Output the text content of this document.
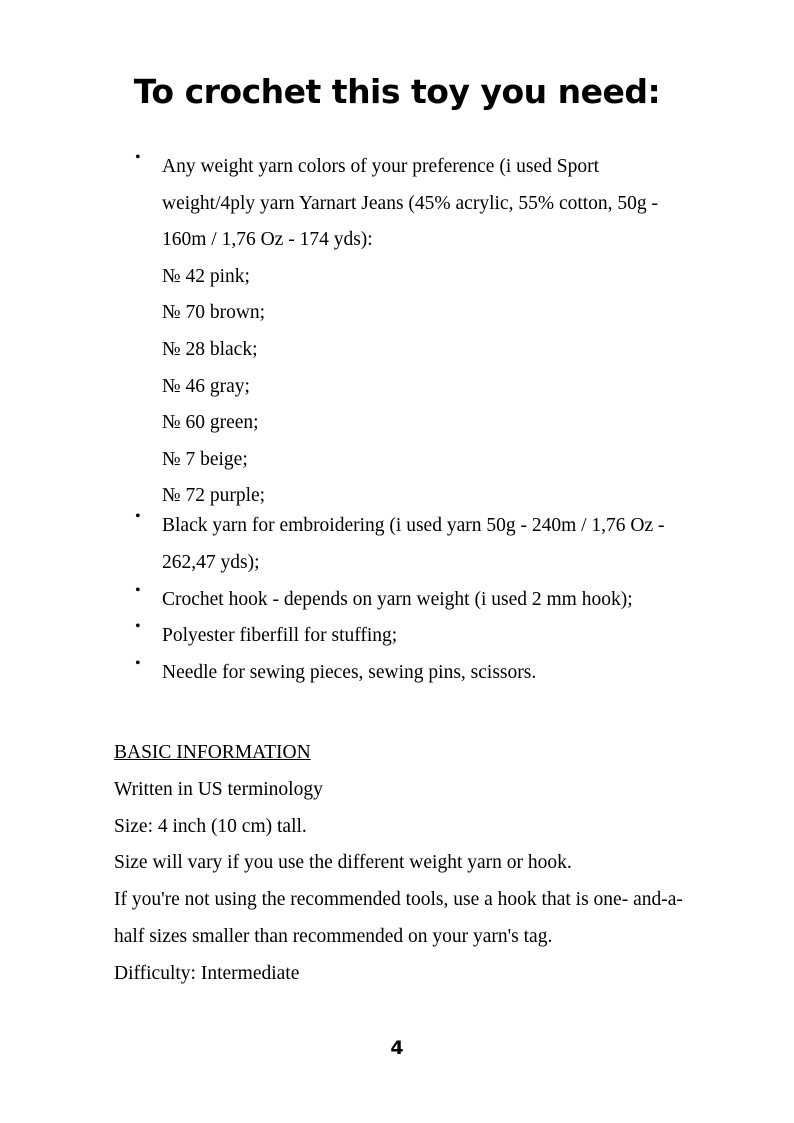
To crochet this toy you need:
• Any weight yarn colors of your preference (i used Sport
weight/4ply yarn Yarnart Jeans (45% acrylic, 55% cotton, 50g -
160m / 1,76 Oz - 174 yds):
№ 42 pink;
№ 70 brown;
№ 28 black;
№ 46 gray;
№ 60 green;
№ 7 beige;
№ 72 purple;
• Black yarn for embroidering (i used yarn 50g - 240m / 1,76 Oz -
262,47 yds);
• Crochet hook - depends on yarn weight (i used 2 mm hook);
• Polyester fiberfill for stuffing;
• Needle for sewing pieces, sewing pins, scissors.
BASIC INFORMATION
Written in US terminology
Size: 4 inch (10 cm) tall.
Size will vary if you use the different weight yarn or hook.
If you're not using the recommended tools, use a hook that is one- and-a-
half sizes smaller than recommended on your yarn's tag.
Difficulty: Intermediate
4
